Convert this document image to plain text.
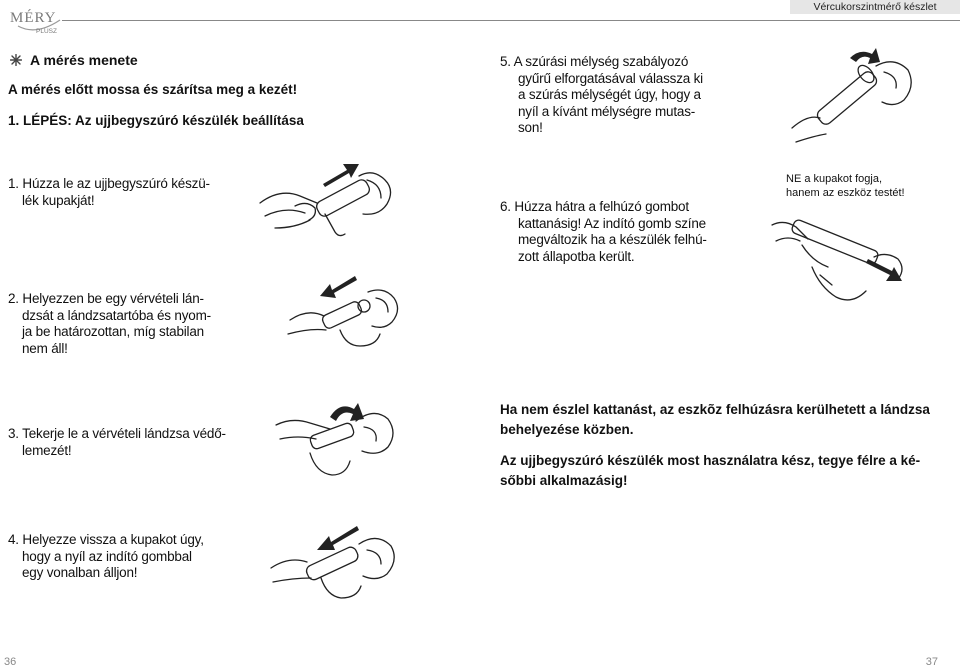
MÉRY
PLUSZ
Vércukorszintmérő készlet
A mérés menete
A mérés előtt mossa és szárítsa meg a kezét!
1. LÉPÉS: Az ujjbegyszúró készülék beállítása
1. Húzza le az ujjbegyszúró készü-
lék kupakját!
2. Helyezzen be egy vérvételi lán-
dzsát a lándzsatartóba és nyom-
ja be határozottan, míg stabilan
nem áll!
3. Tekerje le a vérvételi lándzsa védő-
lemezét!
4. Helyezze vissza a kupakot úgy,
hogy a nyíl az indító gombbal
egy vonalban álljon!
5. A szúrási mélység szabályozó
gyűrű elforgatásával válassza ki
a szúrás mélységét úgy, hogy a
nyíl a kívánt mélységre mutas-
son!
6. Húzza hátra a felhúzó gombot
kattanásig! Az indító gomb színe
megváltozik ha a készülék felhú-
zott állapotba került.
NE a kupakot fogja,
hanem az eszköz testét!
Ha nem észlel kattanást, az eszkõz felhúzásra kerülhetett a lándzsa
behelyezése közben.
Az ujjbegyszúró készülék most használatra kész, tegye félre a ké-
sőbbi alkalmazásig!
36	37
